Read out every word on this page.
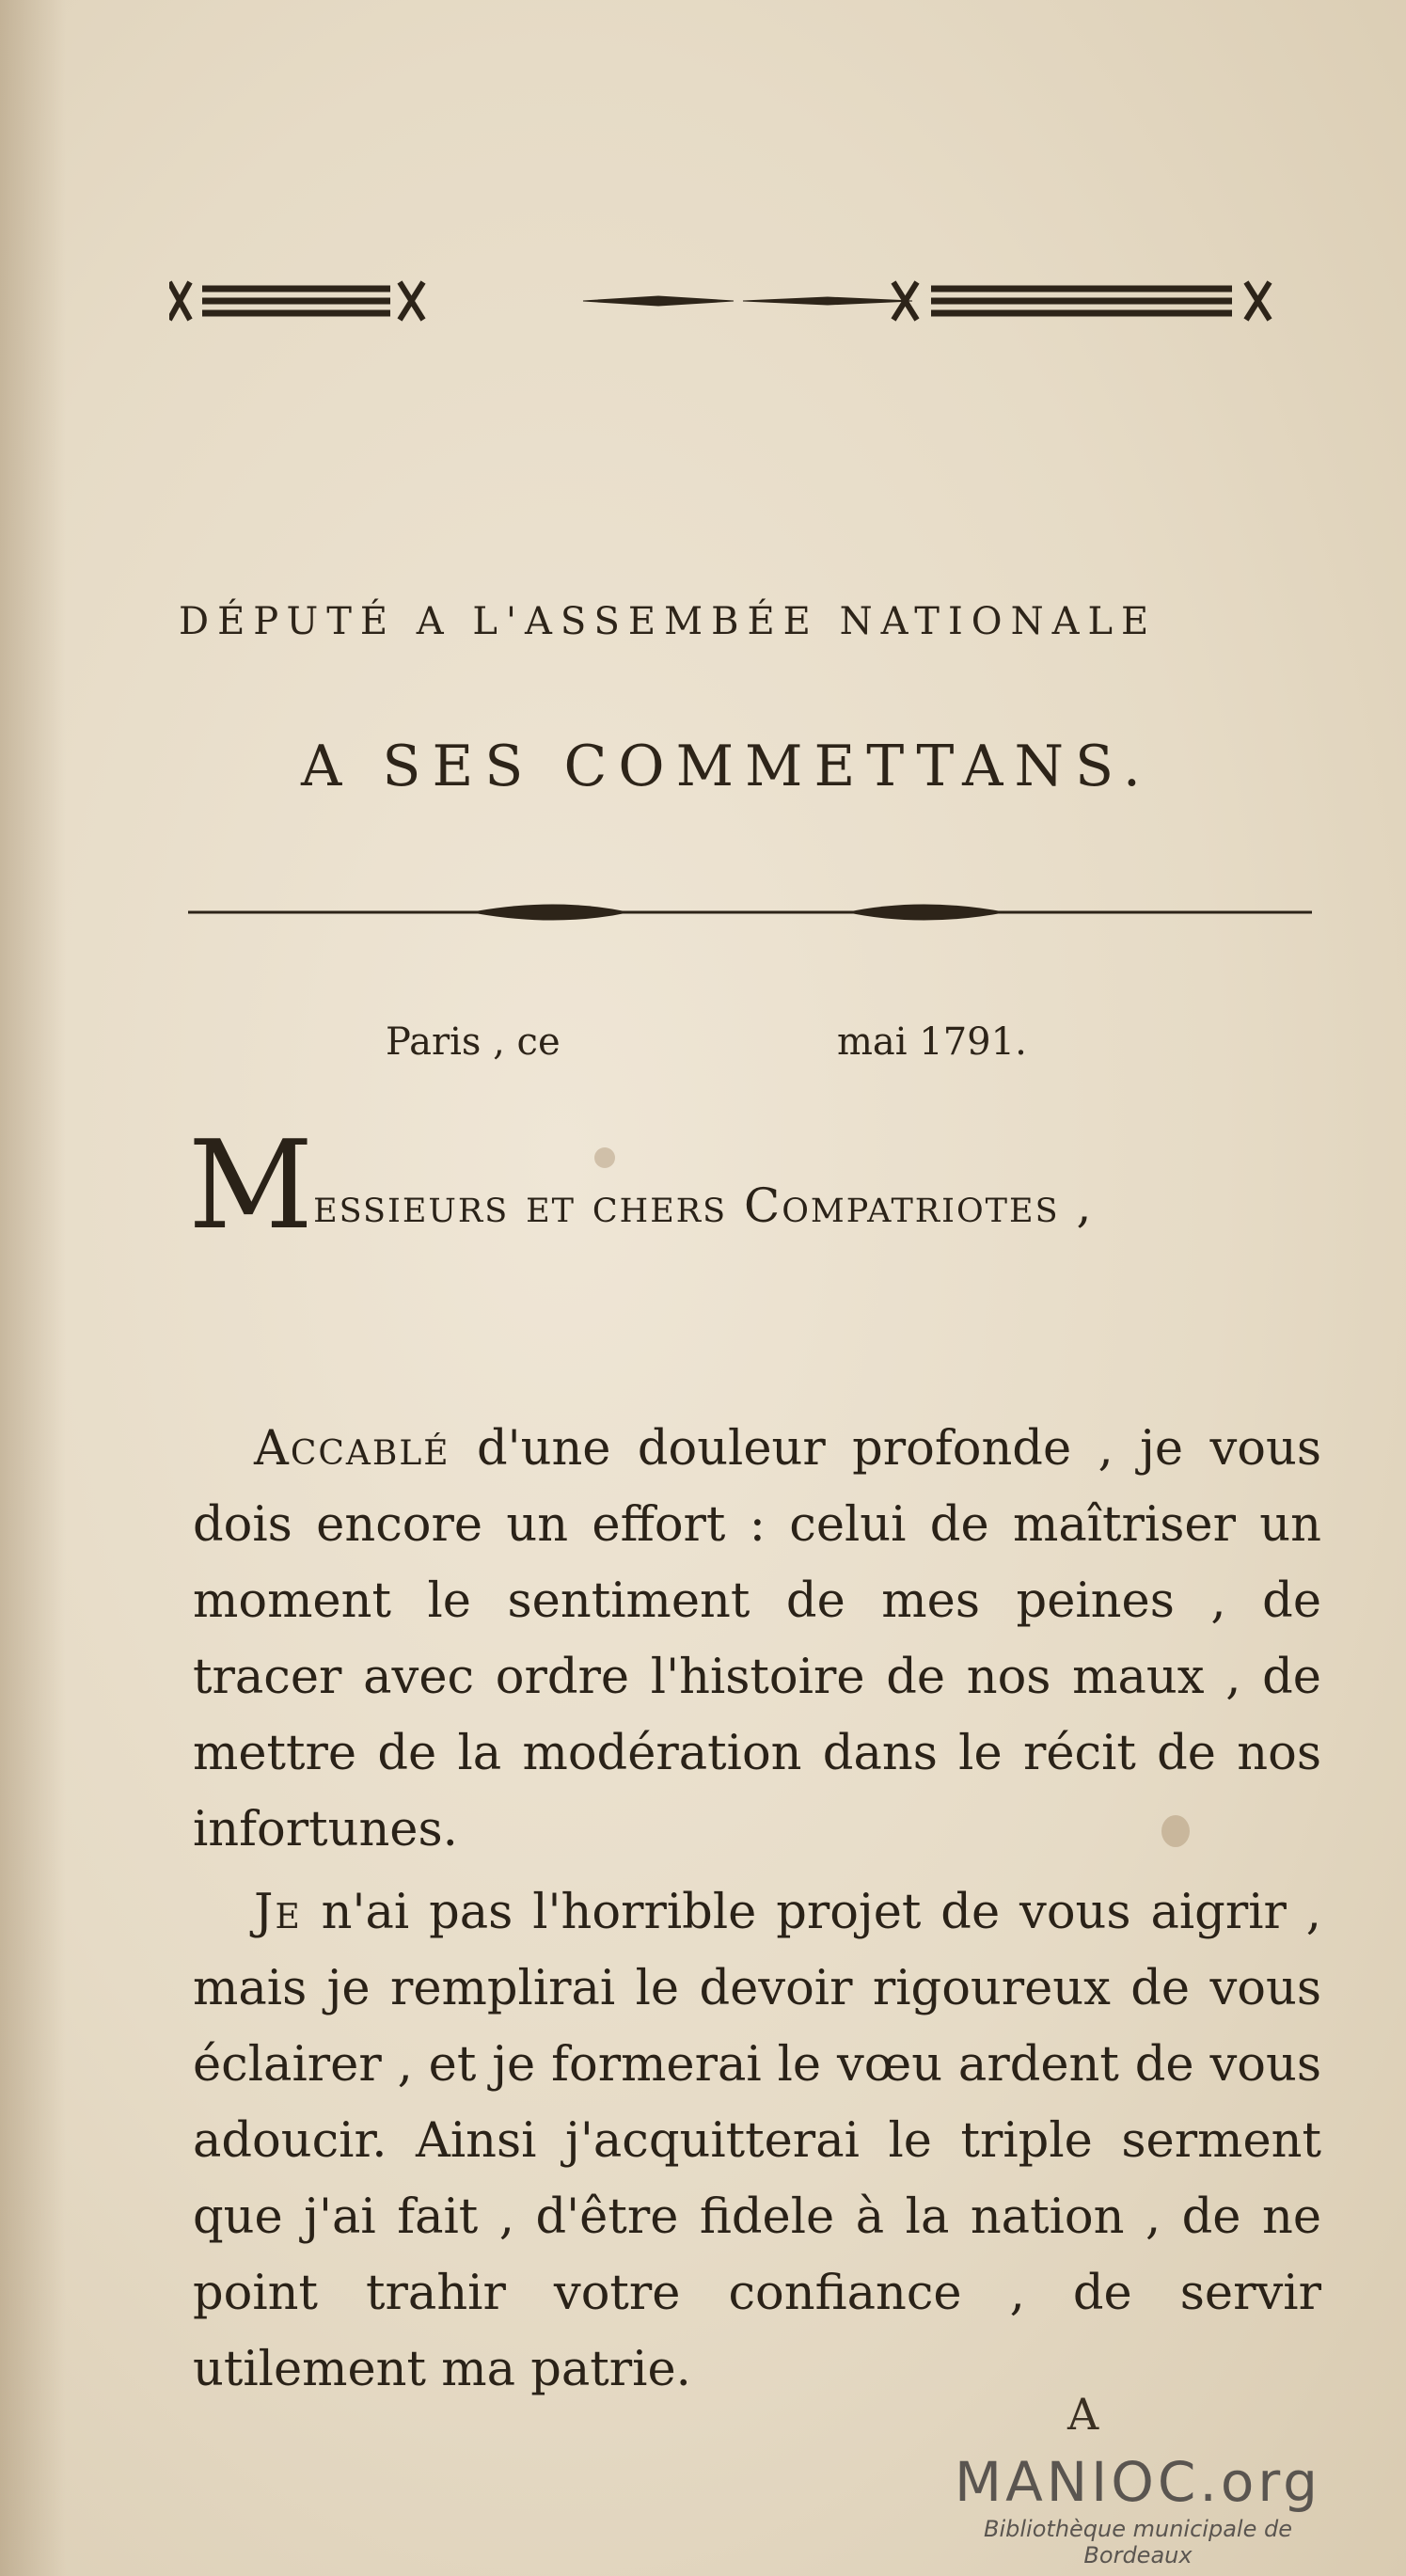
DÉPUTÉ A L'ASSEMBÉE NATIONALE
A SES COMMETTANS.
Paris , ce	mai 1791.
Messieurs et chers Compatriotes ,
Accablé d'une douleur profonde , je vous dois encore un effort : celui de maîtriser un moment le sentiment de mes peines , de tracer avec ordre l'histoire de nos maux , de mettre de la modération dans le récit de nos infortunes.
Je n'ai pas l'horrible projet de vous aigrir , mais je remplirai le devoir rigoureux de vous éclairer , et je formerai le vœu ardent de vous adoucir. Ainsi j'acquitterai le triple serment que j'ai fait , d'être fidele à la nation , de ne point trahir votre confiance , de servir utilement ma patrie.
A
MANIOC.org
Bibliothèque municipale de Bordeaux
